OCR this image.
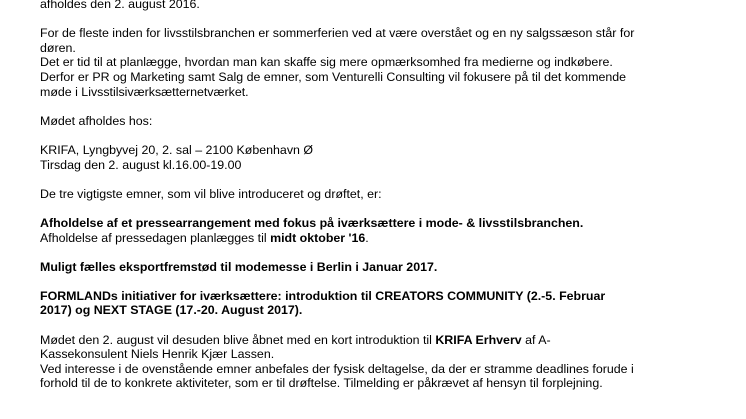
afholdes den 2. august 2016.

For de fleste inden for livsstilsbranchen er sommerferien ved at være overstået og en ny salgssæson står for

døren.

Det er tid til at planlægge, hvordan man kan skaffe sig mere opmærksomhed fra medierne og indkøbere.

Derfor er PR og Marketing samt Salg de emner, som Venturelli Consulting vil fokusere på til det kommende

møde i Livsstilsiværksætternetværket.

Mødet afholdes hos:

KRIFA, Lyngbyvej 20, 2. sal – 2100 København Ø

Tirsdag den 2. august kl.16.00-19.00

De tre vigtigste emner, som vil blive introduceret og drøftet, er:

Afholdelse af et pressearrangement med fokus på iværksættere i mode- & livsstilsbranchen.

Afholdelse af pressedagen planlægges til midt oktober '16.

Muligt fælles eksportfremstød til modemesse i Berlin i Januar 2017.

FORMLANDs initiativer for iværksættere: introduktion til CREATORS COMMUNITY (2.-5. Februar

2017) og NEXT STAGE (17.-20. August 2017).

Mødet den 2. august vil desuden blive åbnet med en kort introduktion til KRIFA Erhverv af A-

Kassekonsulent Niels Henrik Kjær Lassen.

Ved interesse i de ovenstående emner anbefales der fysisk deltagelse, da der er stramme deadlines forude i

forhold til de to konkrete aktiviteter, som er til drøftelse. Tilmelding er påkrævet af hensyn til forplejning.
